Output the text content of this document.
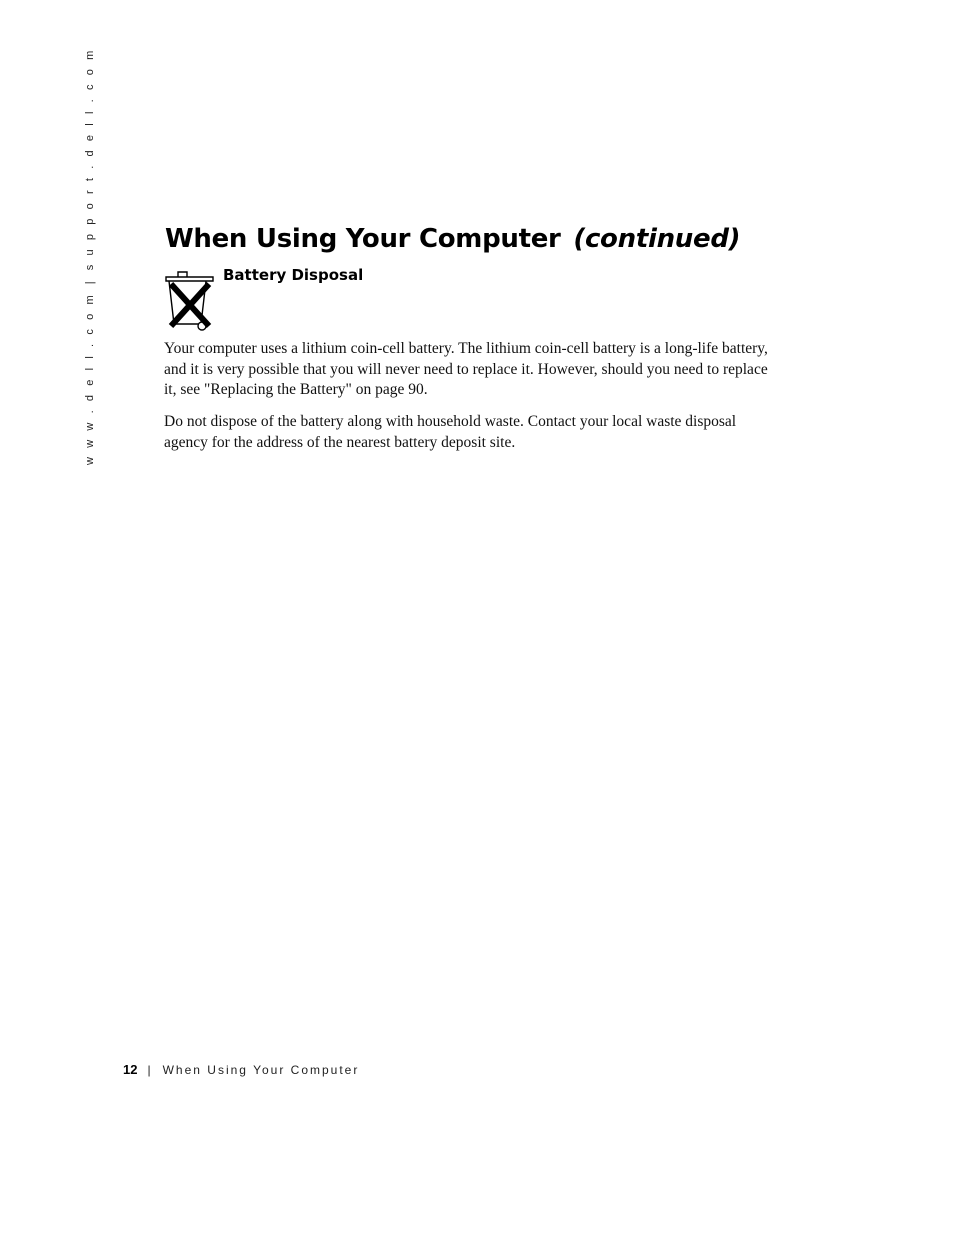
w w w . d e l l . c o m|s u p p o r t . d e l l . c o m	When Using Your Computer (continued)
Battery Disposal

Your computer uses a lithium coin-cell battery. The lithium coin-cell battery is a long-life battery, and it is very possible that you will never need to replace it. However, should you need to replace it, see "Replacing the Battery" on page 90.

Do not dispose of the battery along with household waste. Contact your local waste disposal agency for the address of the nearest battery deposit site.

12 | When Using Your Computer
